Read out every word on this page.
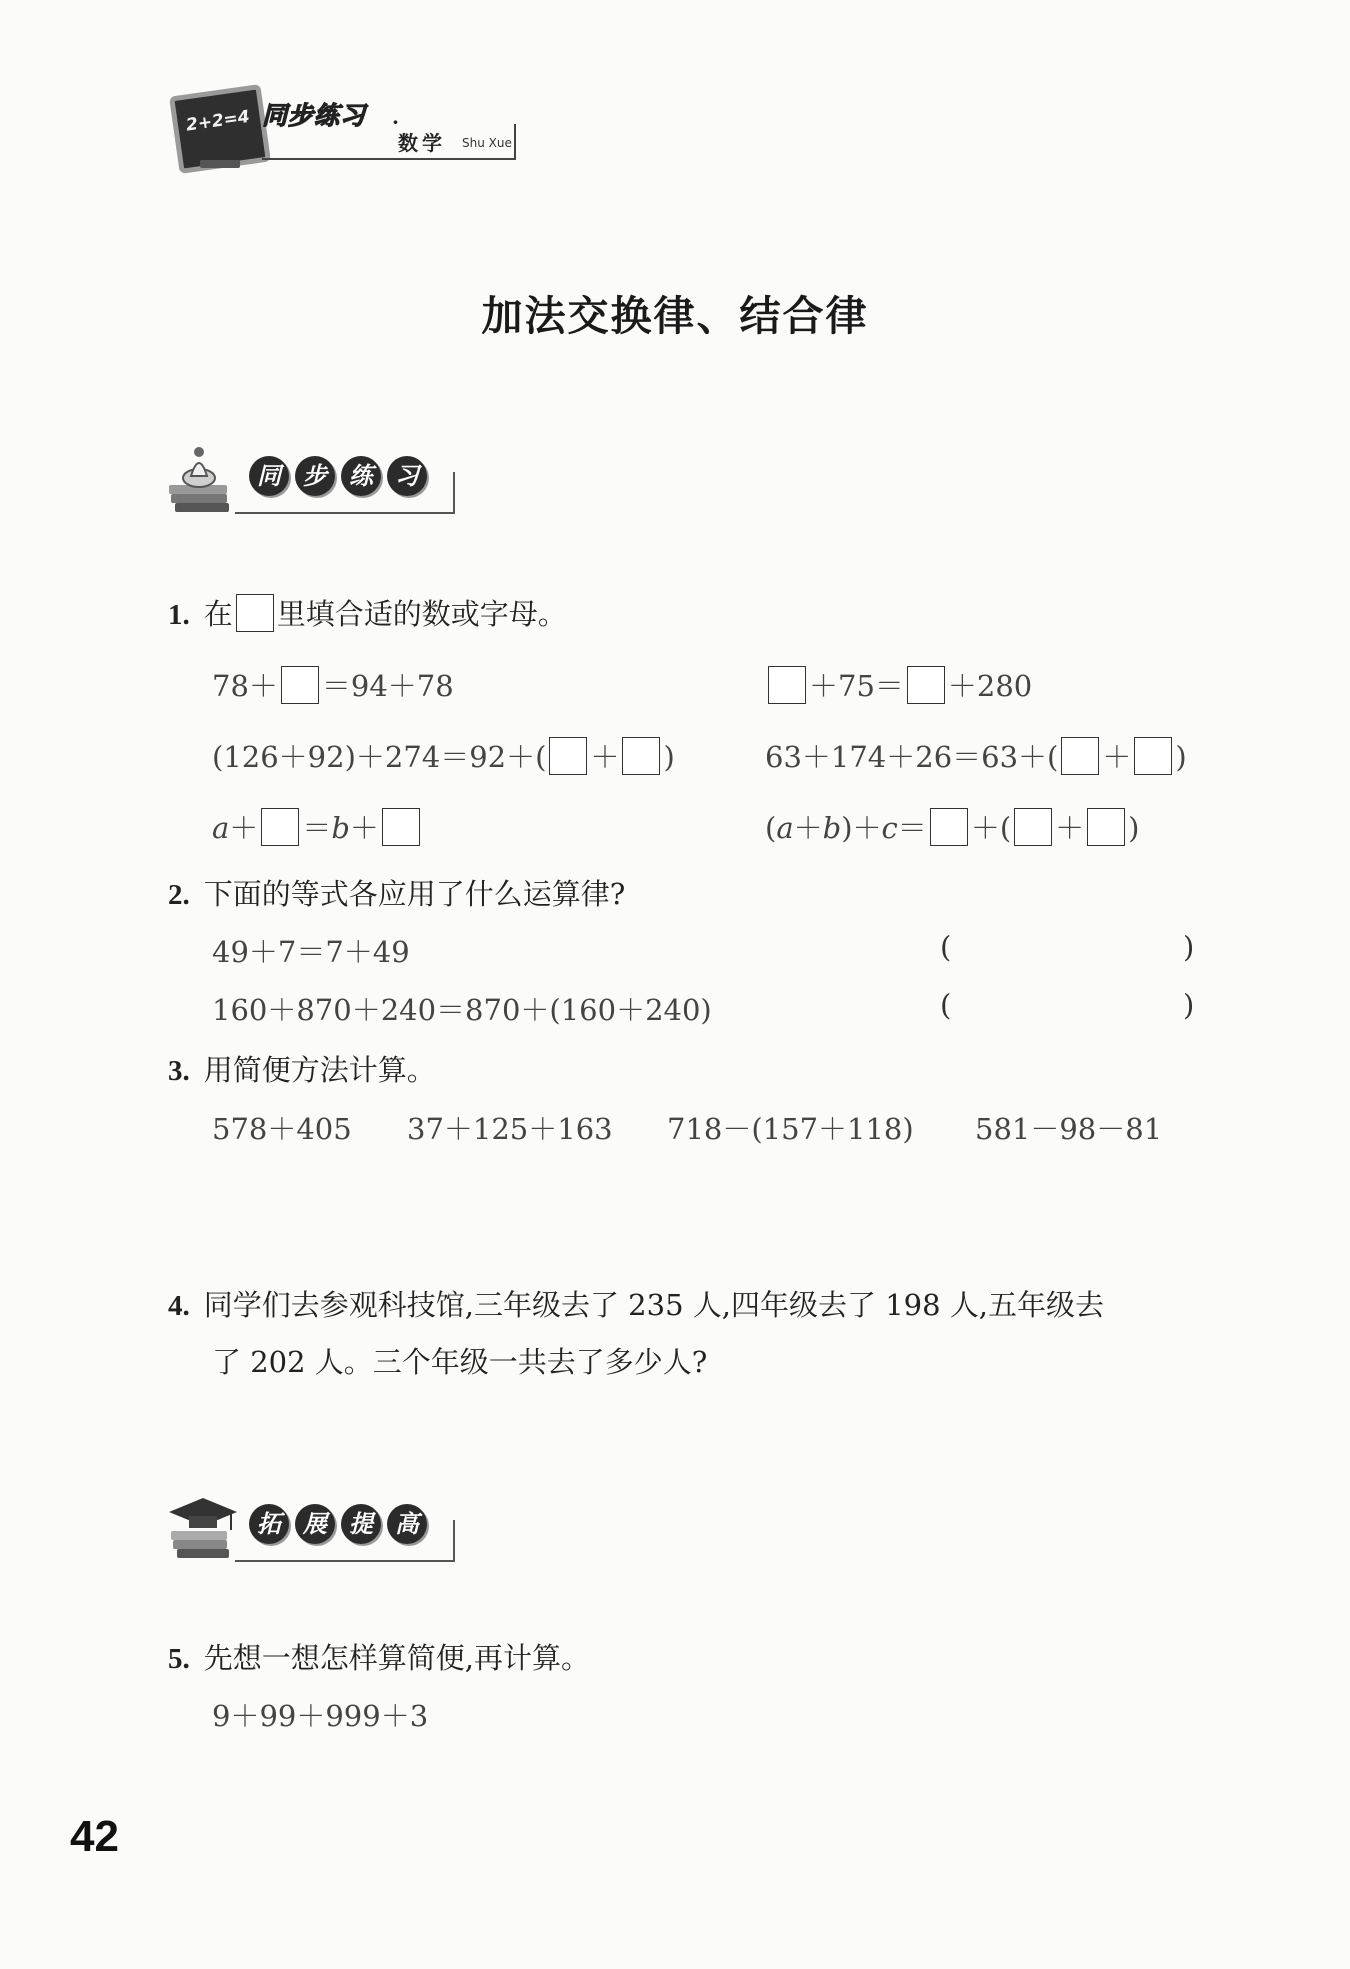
2+2=4 同步练习 ·
数学 Shu Xue
加法交换律、结合律
同 步 练 习
1. 在 里填合适的数或字母。
78＋ ＝94＋78	＋75＝ ＋280
(126＋92)＋274＝92＋( ＋ )	63＋174＋26＝63＋( ＋ )
a＋ ＝b＋	(a＋b)＋c＝ ＋( ＋ )
2. 下面的等式各应用了什么运算律?
49＋7＝7＋49	(	)
160＋870＋240＝870＋(160＋240)	(	)
3. 用简便方法计算。
578＋405 37＋125＋163 718－(157＋118) 581－98－81
4. 同学们去参观科技馆,三年级去了 235 人,四年级去了 198 人,五年级去
了 202 人。三个年级一共去了多少人?
拓 展 提 高
5. 先想一想怎样算简便,再计算。
9＋99＋999＋3
42
